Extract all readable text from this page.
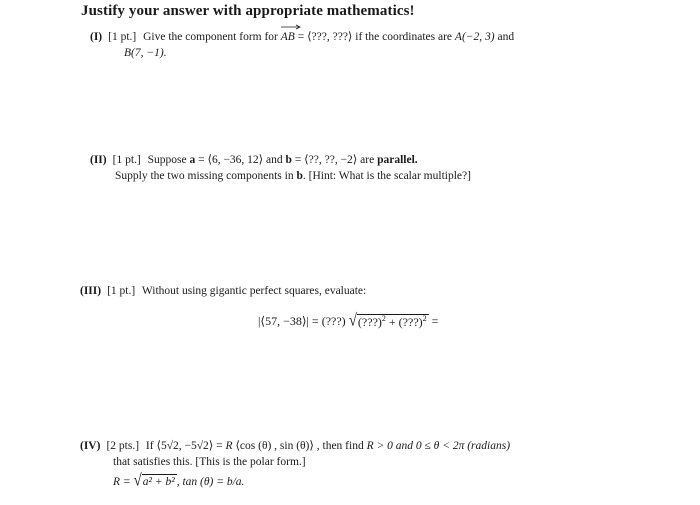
Justify your answer with appropriate mathematics!
(I) [1 pt.] Give the component form for AB = ⟨???, ???⟩ if the coordinates are A(−2, 3) and
B(7, −1).
(II) [1 pt.] Suppose a = ⟨6, −36, 12⟩ and b = ⟨??, ??, −2⟩ are parallel.
Supply the two missing components in b. [Hint: What is the scalar multiple?]
(III) [1 pt.] Without using gigantic perfect squares, evaluate:
|⟨57, −38⟩| = (???) √ (???)$^2$ + (???)$^2$ =
(IV) [2 pts.] If ⟨5√2, −5√2⟩ = R ⟨cos (θ) , sin (θ)⟩ , then find R > 0 and 0 ≤ θ < 2π (radians)
that satisfies this. [This is the polar form.]
R = √ a² + b² , tan (θ) = b/a.
